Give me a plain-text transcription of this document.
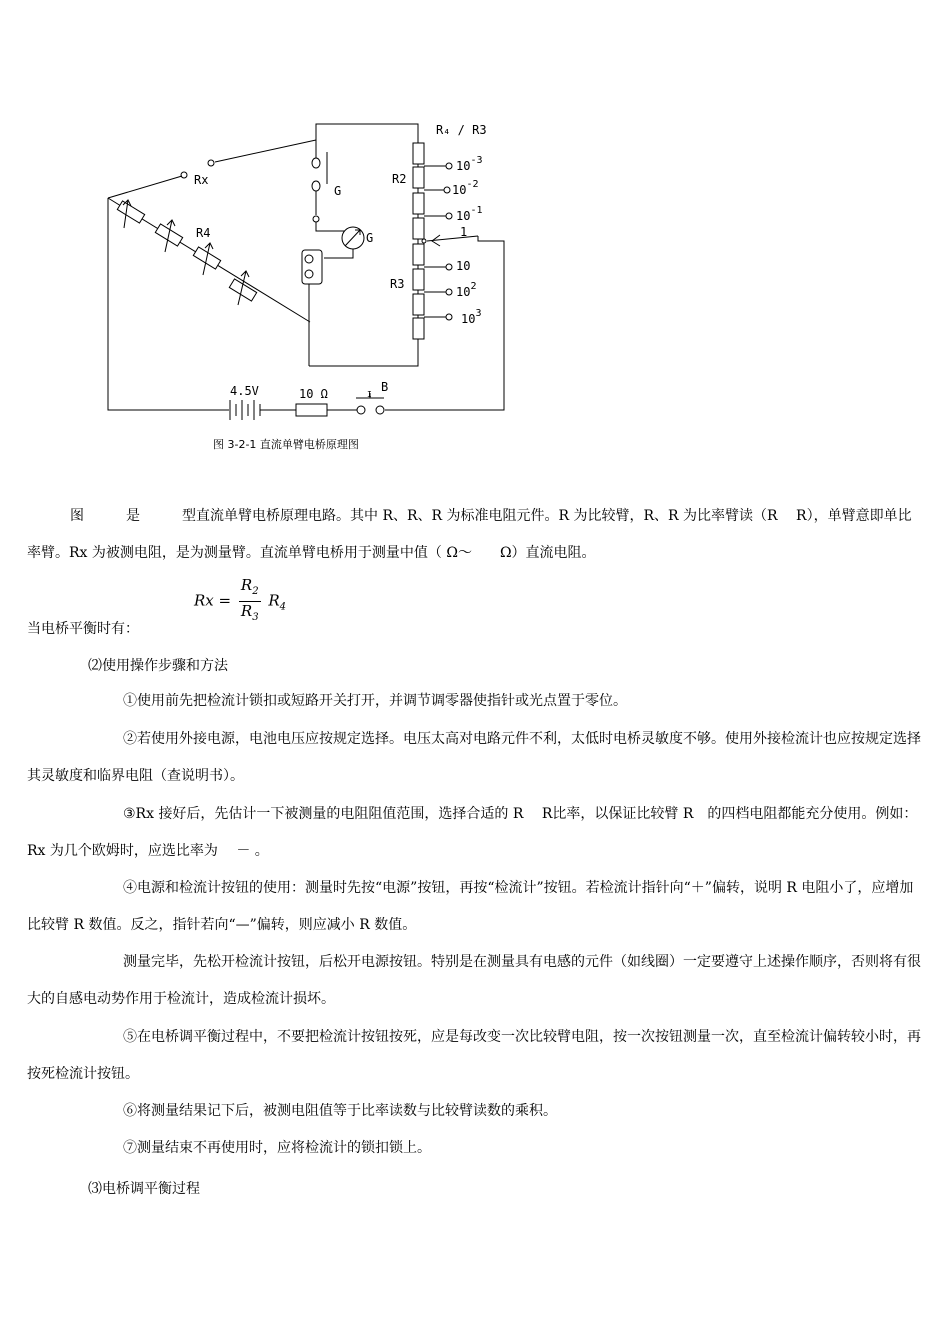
R₄ / R3
Rx
R4
R2
R3
G
G	1
4.5V	10 Ω	B
I
$10^{-3}$
$10^{-2}$
$10^{-1}$
10
$10^2$
$10^3$
图 3-2-1 直流单臂电桥原理图

图　　　是　　　型直流单臂电桥原理电路。其中 R、R、R 为标准电阻元件。R 为比较臂，R、R 为比率臂读（R　 R），单臂意即单比率臂。Rx 为被测电阻，是为测量臂。直流单臂电桥用于测量中值（ Ω～　　Ω）直流电阻。

$Rx = \frac{R_2}{R_3} R_4$
当电桥平衡时有：
⑵使用操作步骤和方法

①使用前先把检流计锁扣或短路开关打开，并调节调零器使指针或光点置于零位。

②若使用外接电源，电池电压应按规定选择。电压太高对电路元件不利，太低时电桥灵敏度不够。使用外接检流计也应按规定选择其灵敏度和临界电阻（查说明书）。

③Rx 接好后，先估计一下被测量的电阻阻值范围，选择合适的 R　 R比率，以保证比较臂 R　的四档电阻都能充分使用。例如：Rx 为几个欧姆时，应选比率为　 － 。

④电源和检流计按钮的使用：测量时先按“电源”按钮，再按“检流计”按钮。若检流计指针向“＋”偏转，说明 R 电阻小了，应增加比较臂 R 数值。反之，指针若向“—”偏转，则应减小 R 数值。

测量完毕，先松开检流计按钮，后松开电源按钮。特别是在测量具有电感的元件（如线圈）一定要遵守上述操作顺序，否则将有很大的自感电动势作用于检流计，造成检流计损坏。

⑤在电桥调平衡过程中，不要把检流计按钮按死，应是每改变一次比较臂电阻，按一次按钮测量一次，直至检流计偏转较小时，再按死检流计按钮。

⑥将测量结果记下后，被测电阻值等于比率读数与比较臂读数的乘积。

⑦测量结束不再使用时，应将检流计的锁扣锁上。

⑶电桥调平衡过程
